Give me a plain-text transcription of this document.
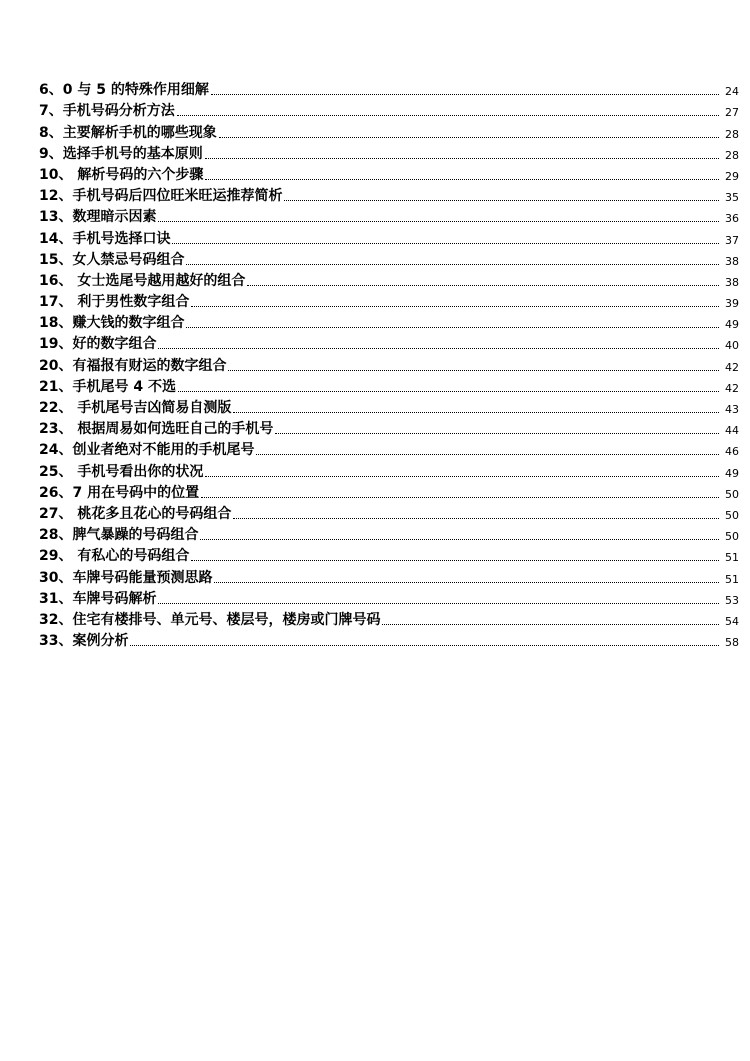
6、0 与 5 的特殊作用细解	24
7、手机号码分析方法	27
8、主要解析手机的哪些现象	28
9、选择手机号的基本原则	28
10、 解析号码的六个步骤	29
12、手机号码后四位旺米旺运推荐简析	35
13、数理暗示因素	36
14、手机号选择口诀	37
15、女人禁忌号码组合	38
16、 女士选尾号越用越好的组合	38
17、 利于男性数字组合	39
18、赚大钱的数字组合	49
19、好的数字组合	40
20、有福报有财运的数字组合	42
21、手机尾号 4 不选	42
22、 手机尾号吉凶简易自测版	43
23、 根据周易如何选旺自己的手机号	44
24、创业者绝对不能用的手机尾号	46
25、 手机号看出你的状况	49
26、7 用在号码中的位置	50
27、 桃花多且花心的号码组合	50
28、脾气暴躁的号码组合	50
29、 有私心的号码组合	51
30、车牌号码能量预测思路	51
31、车牌号码解析	53
32、住宅有楼排号、单元号、楼层号，楼房或门牌号码	54
33、案例分析	58
